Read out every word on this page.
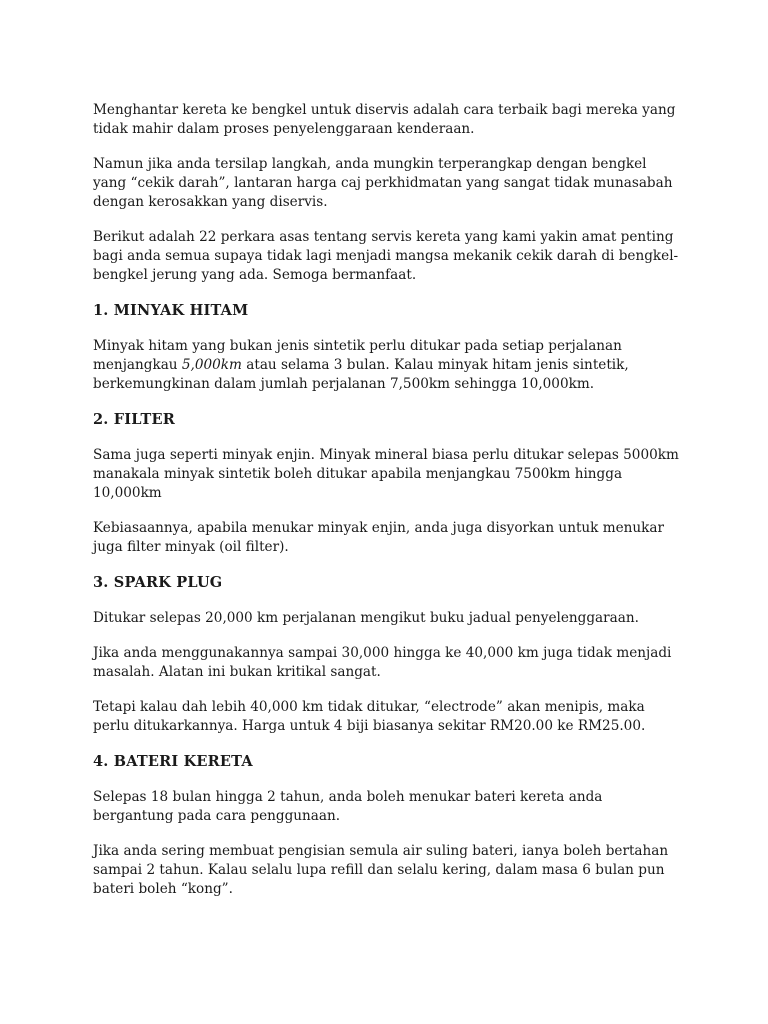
Menghantar kereta ke bengkel untuk diservis adalah cara terbaik bagi mereka yang tidak mahir dalam proses penyelenggaraan kenderaan.

Namun jika anda tersilap langkah, anda mungkin terperangkap dengan bengkel yang “cekik darah”, lantaran harga caj perkhidmatan yang sangat tidak munasabah dengan kerosakkan yang diservis.

Berikut adalah 22 perkara asas tentang servis kereta yang kami yakin amat penting bagi anda semua supaya tidak lagi menjadi mangsa mekanik cekik darah di bengkel-bengkel jerung yang ada. Semoga bermanfaat.

1. MINYAK HITAM

Minyak hitam yang bukan jenis sintetik perlu ditukar pada setiap perjalanan menjangkau 5,000km atau selama 3 bulan. Kalau minyak hitam jenis sintetik, berkemungkinan dalam jumlah perjalanan 7,500km sehingga 10,000km.

2. FILTER

Sama juga seperti minyak enjin. Minyak mineral biasa perlu ditukar selepas 5000km manakala minyak sintetik boleh ditukar apabila menjangkau 7500km hingga 10,000km

Kebiasaannya, apabila menukar minyak enjin, anda juga disyorkan untuk menukar juga filter minyak (oil filter).

3. SPARK PLUG

Ditukar selepas 20,000 km perjalanan mengikut buku jadual penyelenggaraan.

Jika anda menggunakannya sampai 30,000 hingga ke 40,000 km juga tidak menjadi masalah. Alatan ini bukan kritikal sangat.

Tetapi kalau dah lebih 40,000 km tidak ditukar, “electrode” akan menipis, maka perlu ditukarkannya. Harga untuk 4 biji biasanya sekitar RM20.00 ke RM25.00.

4. BATERI KERETA

Selepas 18 bulan hingga 2 tahun, anda boleh menukar bateri kereta anda bergantung pada cara penggunaan.

Jika anda sering membuat pengisian semula air suling bateri, ianya boleh bertahan sampai 2 tahun. Kalau selalu lupa refill dan selalu kering, dalam masa 6 bulan pun bateri boleh “kong”.
